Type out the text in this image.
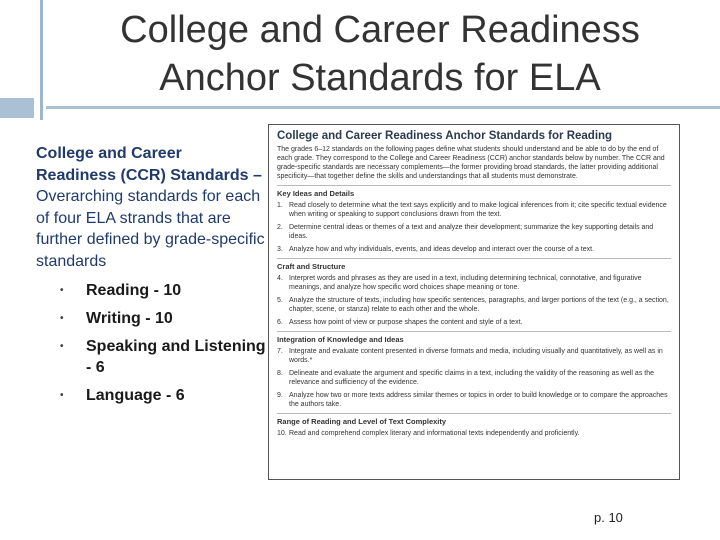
College and Career Readiness
Anchor Standards for ELA
College and Career Readiness (CCR) Standards – Overarching standards for each of four ELA strands that are further defined by grade-specific standards
• Reading - 10
• Writing - 10
• Speaking and Listening - 6
• Language - 6
College and Career Readiness Anchor Standards for Reading
The grades 6–12 standards on the following pages define what students should understand and be able to do by the end of each grade. They correspond to the College and Career Readiness (CCR) anchor standards below by number. The CCR and grade-specific standards are necessary complements—the former providing broad standards, the latter providing additional specificity—that together define the skills and understandings that all students must demonstrate.
Key Ideas and Details
1. Read closely to determine what the text says explicitly and to make logical inferences from it; cite specific textual evidence when writing or speaking to support conclusions drawn from the text.
2. Determine central ideas or themes of a text and analyze their development; summarize the key supporting details and ideas.
3. Analyze how and why individuals, events, and ideas develop and interact over the course of a text.
Craft and Structure
4. Interpret words and phrases as they are used in a text, including determining technical, connotative, and figurative meanings, and analyze how specific word choices shape meaning or tone.
5. Analyze the structure of texts, including how specific sentences, paragraphs, and larger portions of the text (e.g., a section, chapter, scene, or stanza) relate to each other and the whole.
6. Assess how point of view or purpose shapes the content and style of a text.
Integration of Knowledge and Ideas
7. Integrate and evaluate content presented in diverse formats and media, including visually and quantitatively, as well as in words.*
8. Delineate and evaluate the argument and specific claims in a text, including the validity of the reasoning as well as the relevance and sufficiency of the evidence.
9. Analyze how two or more texts address similar themes or topics in order to build knowledge or to compare the approaches the authors take.
Range of Reading and Level of Text Complexity
10. Read and comprehend complex literary and informational texts independently and proficiently.
p. 10
